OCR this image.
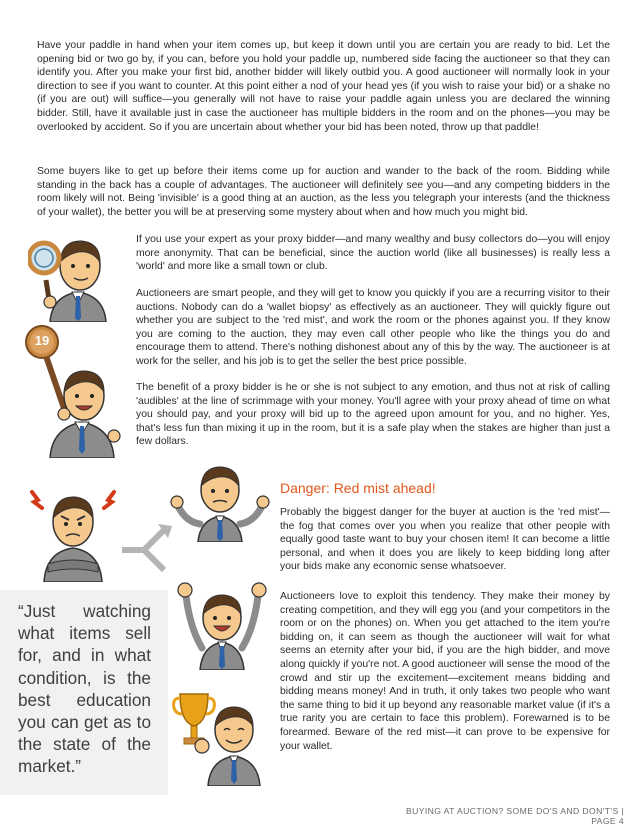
Have your paddle in hand when your item comes up, but keep it down until you are certain you are ready to bid. Let the opening bid or two go by, if you can, before you hold your paddle up, numbered side facing the auctioneer so that they can identify you. After you make your first bid, another bidder will likely outbid you. A good auctioneer will normally look in your direction to see if you want to counter. At this point either a nod of your head yes (if you wish to raise your bid) or a shake no (if you are out) will suffice—you generally will not have to raise your paddle again unless you are declared the winning bidder. Still, have it available just in case the auctioneer has multiple bidders in the room and on the phones—you may be overlooked by accident. So if you are uncertain about whether your bid has been noted, throw up that paddle!

Some buyers like to get up before their items come up for auction and wander to the back of the room. Bidding while standing in the back has a couple of advantages. The auctioneer will definitely see you—and any competing bidders in the room likely will not. Being 'invisible' is a good thing at an auction, as the less you telegraph your interests (and the thickness of your wallet), the better you will be at preserving some mystery about when and how much you might bid.

If you use your expert as your proxy bidder—and many wealthy and busy collectors do—you will enjoy more anonymity. That can be beneficial, since the auction world (like all businesses) is really less a 'world' and more like a small town or club.

Auctioneers are smart people, and they will get to know you quickly if you are a recurring visitor to their auctions. Nobody can do a 'wallet biopsy' as effectively as an auctioneer. They will quickly figure out whether you are subject to the 'red mist', and work the room or the phones against you. If they know you are coming to the auction, they may even call other people who like the things you do and encourage them to attend. There's nothing dishonest about any of this by the way. The auctioneer is at work for the seller, and his job is to get the seller the best price possible.

The benefit of a proxy bidder is he or she is not subject to any emotion, and thus not at risk of calling 'audibles' at the line of scrimmage with your money. You'll agree with your proxy ahead of time on what you should pay, and your proxy will bid up to the agreed upon amount for you, and no higher. Yes, that's less fun than mixing it up in the room, but it is a safe play when the stakes are higher than just a few dollars.

Danger: Red mist ahead!

Probably the biggest danger for the buyer at auction is the 'red mist'—the fog that comes over you when you realize that other people with equally good taste want to buy your chosen item! It can become a little personal, and when it does you are likely to keep bidding long after your bids make any economic sense whatsoever.

Auctioneers love to exploit this tendency. They make their money by creating competition, and they will egg you (and your competitors in the room or on the phones) on. When you get attached to the item you're bidding on, it can seem as though the auctioneer will wait for what seems an eternity after your bid, if you are the high bidder, and move along quickly if you're not. A good auctioneer will sense the mood of the crowd and stir up the excitement—excitement means bidding and bidding means money! And in truth, it only takes two people who want the same thing to bid it up beyond any reasonable market value (if it's a true rarity you are certain to face this problem). Forewarned is to be forearmed. Beware of the red mist—it can prove to be expensive for your wallet.

“Just watching what items sell for, and in what condition, is the best education you can get as to the state of the market.”

19
BUYING AT AUCTION? SOME DO'S AND DON'T'S | PAGE 4
